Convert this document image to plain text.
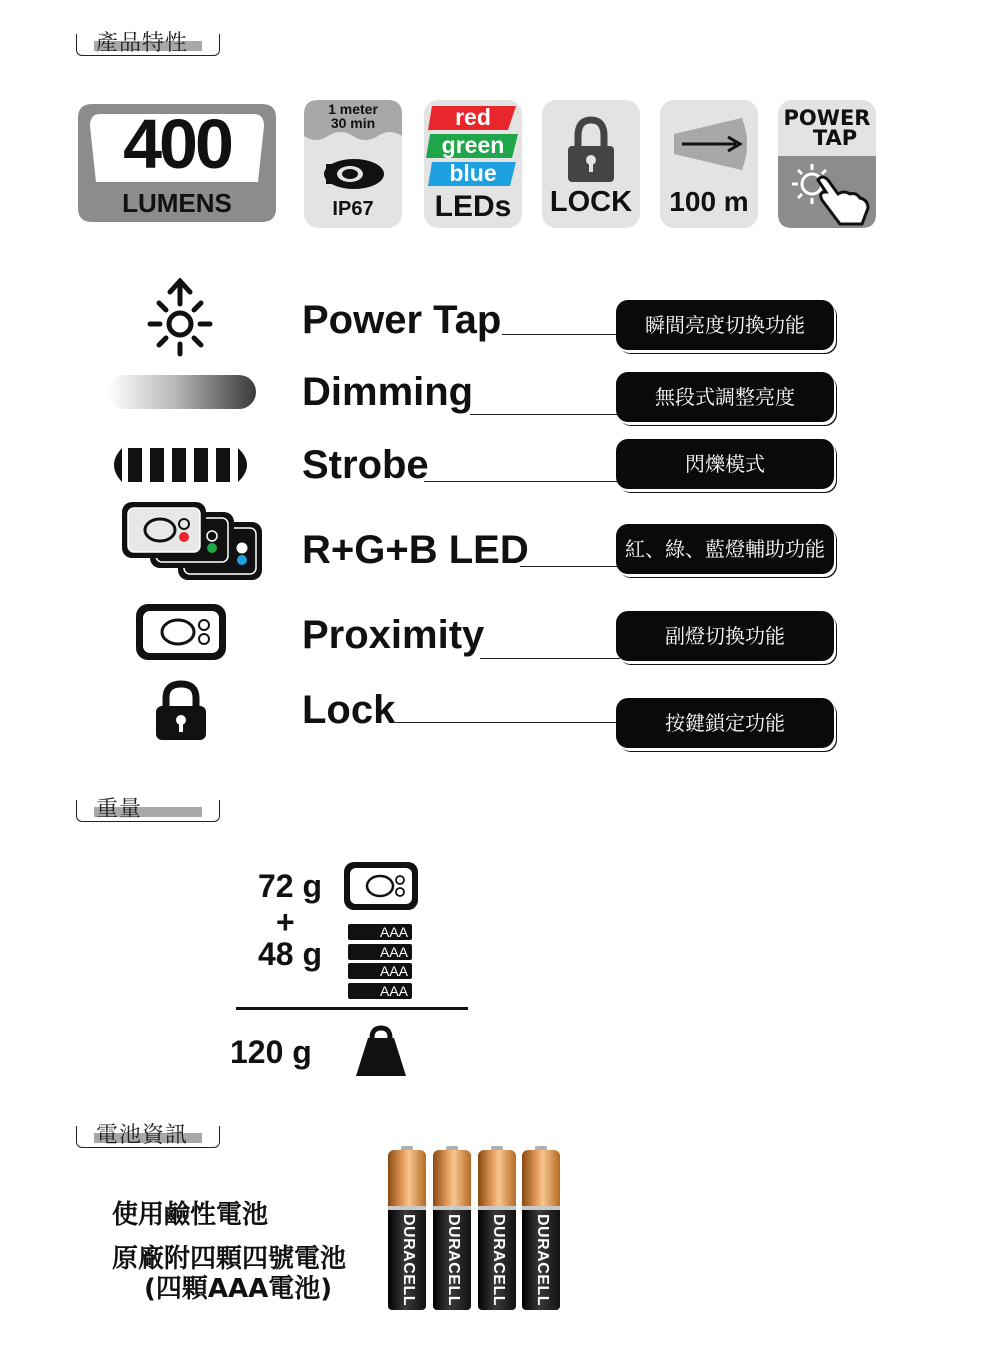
產品特性
400
LUMENS
1 meter
30 min
IP67
red
green
blue
LEDs	LOCK	100 m
POWER
TAP
Power Tap	瞬間亮度切換功能
Dimming	無段式調整亮度
Strobe	閃爍模式
R+G+B LED	紅、綠、藍燈輔助功能
Proximity	副燈切換功能
Lock	按鍵鎖定功能
重量
72 g
+
48 g
AAA
AAA
AAA
AAA
120 g
電池資訊
使用鹼性電池
原廠附四顆四號電池
(四顆AAA電池)	DURACELL DURACELL DURACELL DURACELL
